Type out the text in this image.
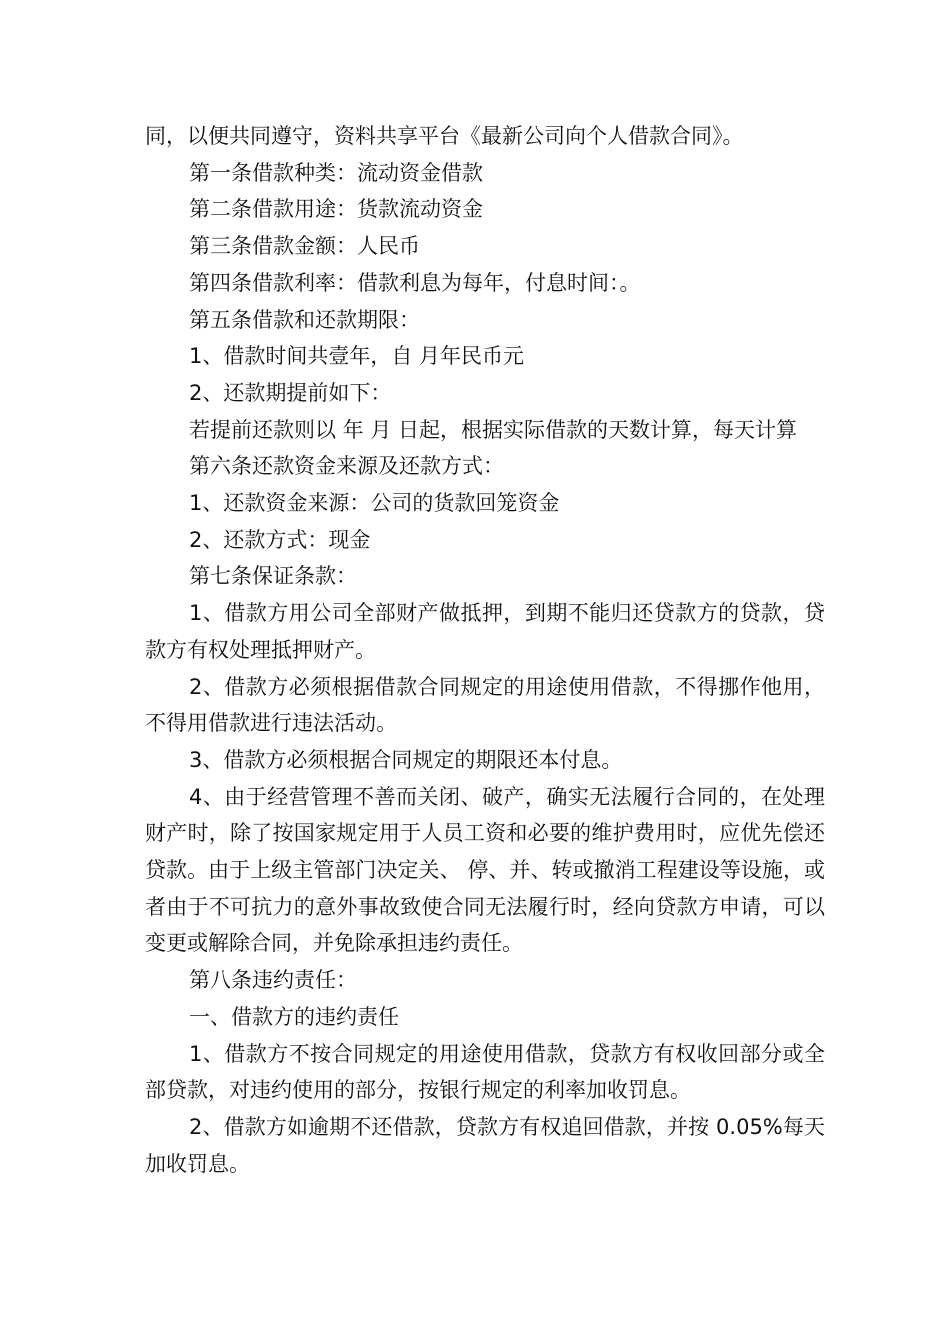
同，以便共同遵守，资料共享平台《最新公司向个人借款合同》。

第一条借款种类：流动资金借款

第二条借款用途：货款流动资金

第三条借款金额：人民币

第四条借款利率：借款利息为每年，付息时间：。

第五条借款和还款期限：

1、借款时间共壹年，自 月年民币元

2、还款期提前如下：

若提前还款则以 年 月 日起，根据实际借款的天数计算，每天计算

第六条还款资金来源及还款方式：

1、还款资金来源：公司的货款回笼资金

2、还款方式：现金

第七条保证条款：

1、借款方用公司全部财产做抵押，到期不能归还贷款方的贷款，贷款方有权处理抵押财产。

2、借款方必须根据借款合同规定的用途使用借款，不得挪作他用，不得用借款进行违法活动。

3、借款方必须根据合同规定的期限还本付息。

4、由于经营管理不善而关闭、破产，确实无法履行合同的，在处理财产时，除了按国家规定用于人员工资和必要的维护费用时，应优先偿还贷款。由于上级主管部门决定关、 停、并、转或撤消工程建设等设施，或者由于不可抗力的意外事故致使合同无法履行时，经向贷款方申请，可以变更或解除合同，并免除承担违约责任。

第八条违约责任：

一、借款方的违约责任

1、借款方不按合同规定的用途使用借款，贷款方有权收回部分或全部贷款，对违约使用的部分，按银行规定的利率加收罚息。

2、借款方如逾期不还借款，贷款方有权追回借款，并按 0.05%每天加收罚息。
